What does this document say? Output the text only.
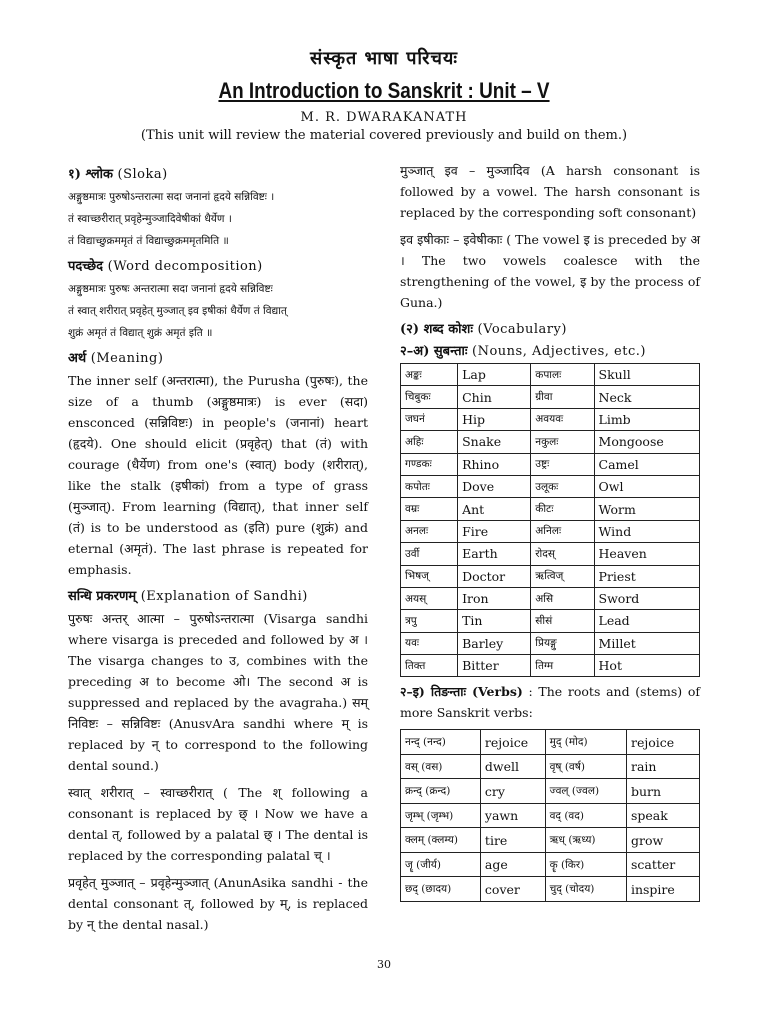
संस्कृत भाषा परिचयः
An Introduction to Sanskrit : Unit – V
M. R. DWARAKANATH
(This unit will review the material covered previously and build on them.)
१) श्लोक (Sloka)

अङ्गुष्ठमात्रः पुरुषोऽन्तरात्मा सदा जनानां हृदये सन्निविष्टः ।

तं स्वाच्छरीरात् प्रवृहेन्मुञ्जादिवेषीकां धैर्येण ।

तं विद्याच्छुक्रममृतं तं विद्याच्छुक्रममृतमिति ॥

पदच्छेद (Word decomposition)

अङ्गुष्ठमात्रः पुरुषः अन्तरात्मा सदा जनानां हृदये सन्निविष्टः

तं स्वात् शरीरात् प्रवृहेत् मुञ्जात् इव इषीकां धैर्येण तं विद्यात्

शुक्रं अमृतं तं विद्यात् शुक्रं अमृतं इति ॥

अर्थ (Meaning)

The inner self (अन्तरात्मा), the Purusha (पुरुषः), the size of a thumb (अङ्गुष्ठमात्रः) is ever (सदा) ensconced (सन्निविष्टः) in people's (जनानां) heart (हृदये). One should elicit (प्रवृहेत्) that (तं) with courage (धैर्येण) from one's (स्वात्) body (शरीरात्), like the stalk (इषीकां) from a type of grass (मुञ्जात्). From learning (विद्यात्), that inner self (तं) is to be understood as (इति) pure (शुक्रं) and eternal (अमृतं). The last phrase is repeated for emphasis.

सन्धि प्रकरणम् (Explanation of Sandhi)

पुरुषः अन्तर् आत्मा – पुरुषोऽन्तरात्मा (Visarga sandhi where visarga is preceded and followed by अ । The visarga changes to उ, combines with the preceding अ to become ओ। The second अ is suppressed and replaced by the avagraha.) सम् निविष्टः – सन्निविष्टः (AnusvAra sandhi where म् is replaced by न् to correspond to the following dental sound.)

स्वात् शरीरात् – स्वाच्छरीरात् ( The श् following a consonant is replaced by छ् । Now we have a dental त्, followed by a palatal छ् । The dental is replaced by the corresponding palatal च् ।

प्रवृहेत् मुञ्जात् – प्रवृहेन्मुञ्जात् (AnunAsika sandhi - the dental consonant त्, followed by म्, is replaced by न् the dental nasal.)

मुञ्जात् इव – मुञ्जादिव (A harsh consonant is followed by a vowel. The harsh consonant is replaced by the corresponding soft consonant)

इव इषीकाः – इवेषीकाः ( The vowel इ is preceded by अ । The two vowels coalesce with the strengthening of the vowel, इ by the process of Guna.)

(२) शब्द कोशः (Vocabulary)
२–अ) सुबन्ताः (Nouns, Adjectives, etc.)
अङ्कः	Lap	कपालः	Skull
चिबुकः	Chin	ग्रीवा	Neck
जघनं	Hip	अवयवः	Limb
अहिः	Snake	नकुलः	Mongoose
गण्डकः	Rhino	उष्ट्रः	Camel
कपोतः	Dove	उलूकः	Owl
वम्रः	Ant	कीटः	Worm
अनलः	Fire	अनिलः	Wind
उर्वी	Earth	रोदस्	Heaven
भिषज्	Doctor	ऋत्विज्	Priest
अयस्	Iron	असि	Sword
त्रपु	Tin	सीसं	Lead
यवः	Barley	प्रियङ्गु	Millet
तिक्त	Bitter	तिग्म	Hot

२–इ) तिङन्ताः (Verbs) : The roots and (stems) of more Sanskrit verbs:

नन्द् (नन्द)	rejoice	मुद् (मोद)	rejoice
वस् (वस)	dwell	वृष् (वर्ष)	rain
क्रन्द् (क्रन्द)	cry	ज्वल् (ज्वल)	burn
जृम्भ् (जृम्भ)	yawn	वद् (वद)	speak
क्लम् (क्लम्य)	tire	ऋध् (ऋध्य)	grow
जॄ (जीर्य)	age	कॄ (किर)	scatter
छद् (छादय)	cover	चुद् (चोदय)	inspire
30
